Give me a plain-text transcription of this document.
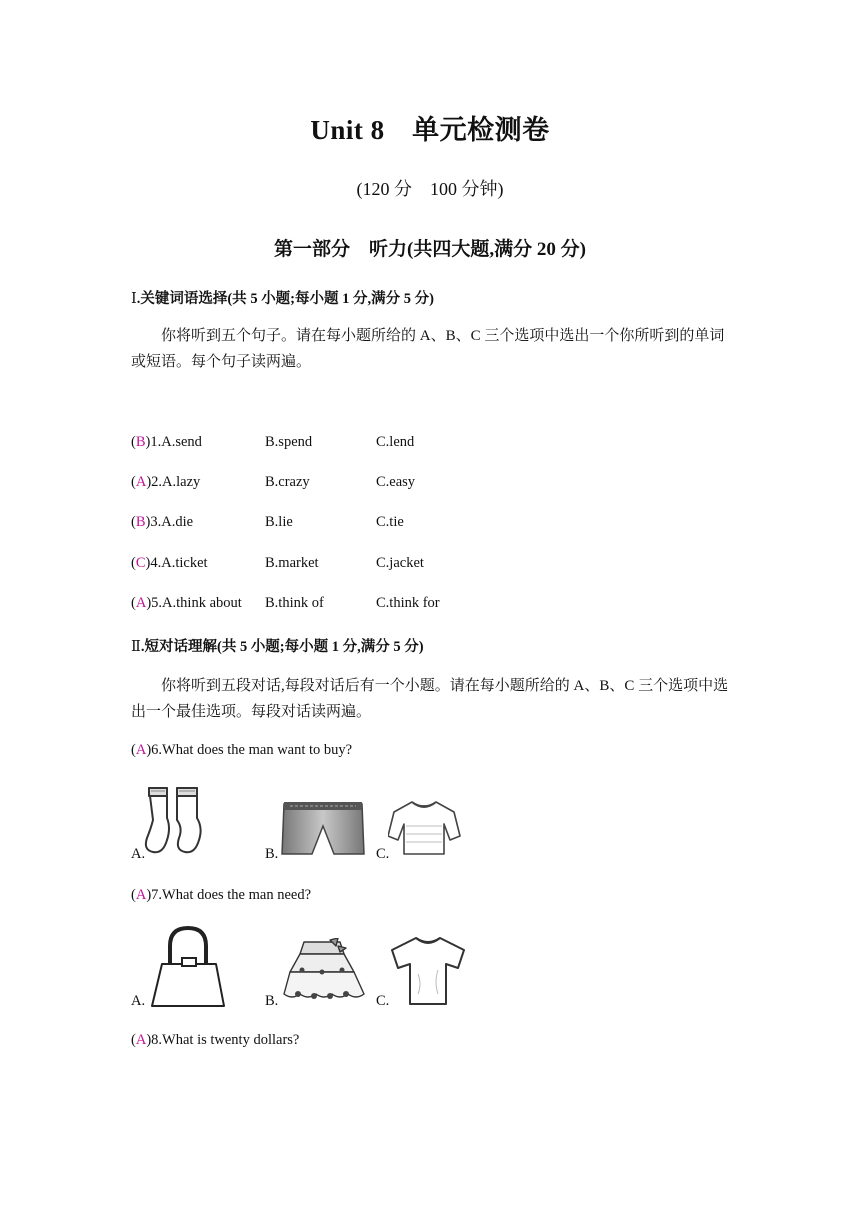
Unit 8　单元检测卷
(120 分　100 分钟)
第一部分　听力(共四大题,满分 20 分)
Ⅰ.关键词语选择(共 5 小题;每小题 1 分,满分 5 分)
你将听到五个句子。请在每小题所给的 A、B、C 三个选项中选出一个你所听到的单词或短语。每个句子读两遍。
(B)1.A.send	B.spend	C.lend
(A)2.A.lazy	B.crazy	C.easy
(B)3.A.die	B.lie	C.tie
(C)4.A.ticket	B.market	C.jacket
(A)5.A.think about B.think of	C.think for
Ⅱ.短对话理解(共 5 小题;每小题 1 分,满分 5 分)
你将听到五段对话,每段对话后有一个小题。请在每小题所给的 A、B、C 三个选项中选出一个最佳选项。每段对话读两遍。
(A)6.What does the man want to buy?
A.	B.	C.
(A)7.What does the man need?
A.	B.	C.
(A)8.What is twenty dollars?
